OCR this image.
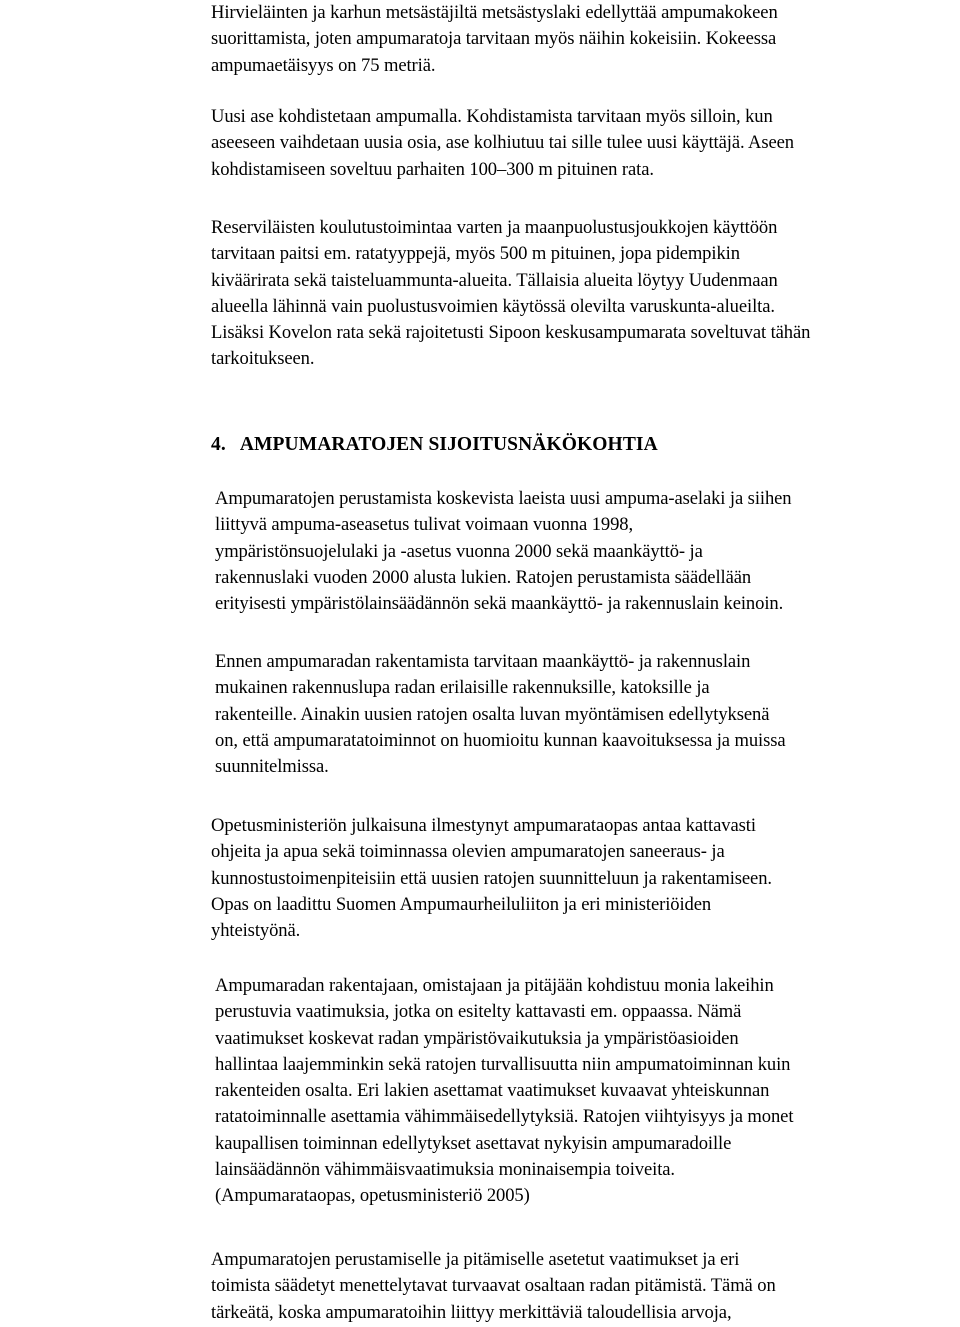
Hirvieläinten ja karhun metsästäjiltä metsästyslaki edellyttää ampumakokeen
suorittamista, joten ampumaratoja tarvitaan myös näihin kokeisiin. Kokeessa
ampumaetäisyys on 75 metriä.
Uusi ase kohdistetaan ampumalla. Kohdistamista tarvitaan myös silloin, kun
aseeseen vaihdetaan uusia osia, ase kolhiutuu tai sille tulee uusi käyttäjä. Aseen
kohdistamiseen soveltuu parhaiten 100–300 m pituinen rata.
Reserviläisten koulutustoimintaa varten ja maanpuolustusjoukkojen käyttöön
tarvitaan paitsi em. ratatyyppejä, myös 500 m pituinen, jopa pidempikin
kiväärirata sekä taisteluammunta-alueita. Tällaisia alueita löytyy Uudenmaan
alueella lähinnä vain puolustusvoimien käytössä olevilta varuskunta-alueilta.
Lisäksi Kovelon rata sekä rajoitetusti Sipoon keskusampumarata soveltuvat tähän
tarkoitukseen.
4. AMPUMARATOJEN SIJOITUSNÄKÖKOHTIA
Ampumaratojen perustamista koskevista laeista uusi ampuma-aselaki ja siihen
liittyvä ampuma-aseasetus tulivat voimaan vuonna 1998,
ympäristönsuojelulaki ja -asetus vuonna 2000 sekä maankäyttö- ja
rakennuslaki vuoden 2000 alusta lukien. Ratojen perustamista säädellään
erityisesti ympäristölainsäädännön sekä maankäyttö- ja rakennuslain keinoin.
Ennen ampumaradan rakentamista tarvitaan maankäyttö- ja rakennuslain
mukainen rakennuslupa radan erilaisille rakennuksille, katoksille ja
rakenteille. Ainakin uusien ratojen osalta luvan myöntämisen edellytyksenä
on, että ampumaratatoiminnot on huomioitu kunnan kaavoituksessa ja muissa
suunnitelmissa.
Opetusministeriön julkaisuna ilmestynyt ampumarataopas antaa kattavasti
ohjeita ja apua sekä toiminnassa olevien ampumaratojen saneeraus- ja
kunnostustoimenpiteisiin että uusien ratojen suunnitteluun ja rakentamiseen.
Opas on laadittu Suomen Ampumaurheiluliiton ja eri ministeriöiden
yhteistyönä.
Ampumaradan rakentajaan, omistajaan ja pitäjään kohdistuu monia lakeihin
perustuvia vaatimuksia, jotka on esitelty kattavasti em. oppaassa. Nämä
vaatimukset koskevat radan ympäristövaikutuksia ja ympäristöasioiden
hallintaa laajemminkin sekä ratojen turvallisuutta niin ampumatoiminnan kuin
rakenteiden osalta. Eri lakien asettamat vaatimukset kuvaavat yhteiskunnan
ratatoiminnalle asettamia vähimmäisedellytyksiä. Ratojen viihtyisyys ja monet
kaupallisen toiminnan edellytykset asettavat nykyisin ampumaradoille
lainsäädännön vähimmäisvaatimuksia moninaisempia toiveita.
(Ampumarataopas, opetusministeriö 2005)
Ampumaratojen perustamiselle ja pitämiselle asetetut vaatimukset ja eri
toimista säädetyt menettelytavat turvaavat osaltaan radan pitämistä. Tämä on
tärkeätä, koska ampumaratoihin liittyy merkittäviä taloudellisia arvoja,
